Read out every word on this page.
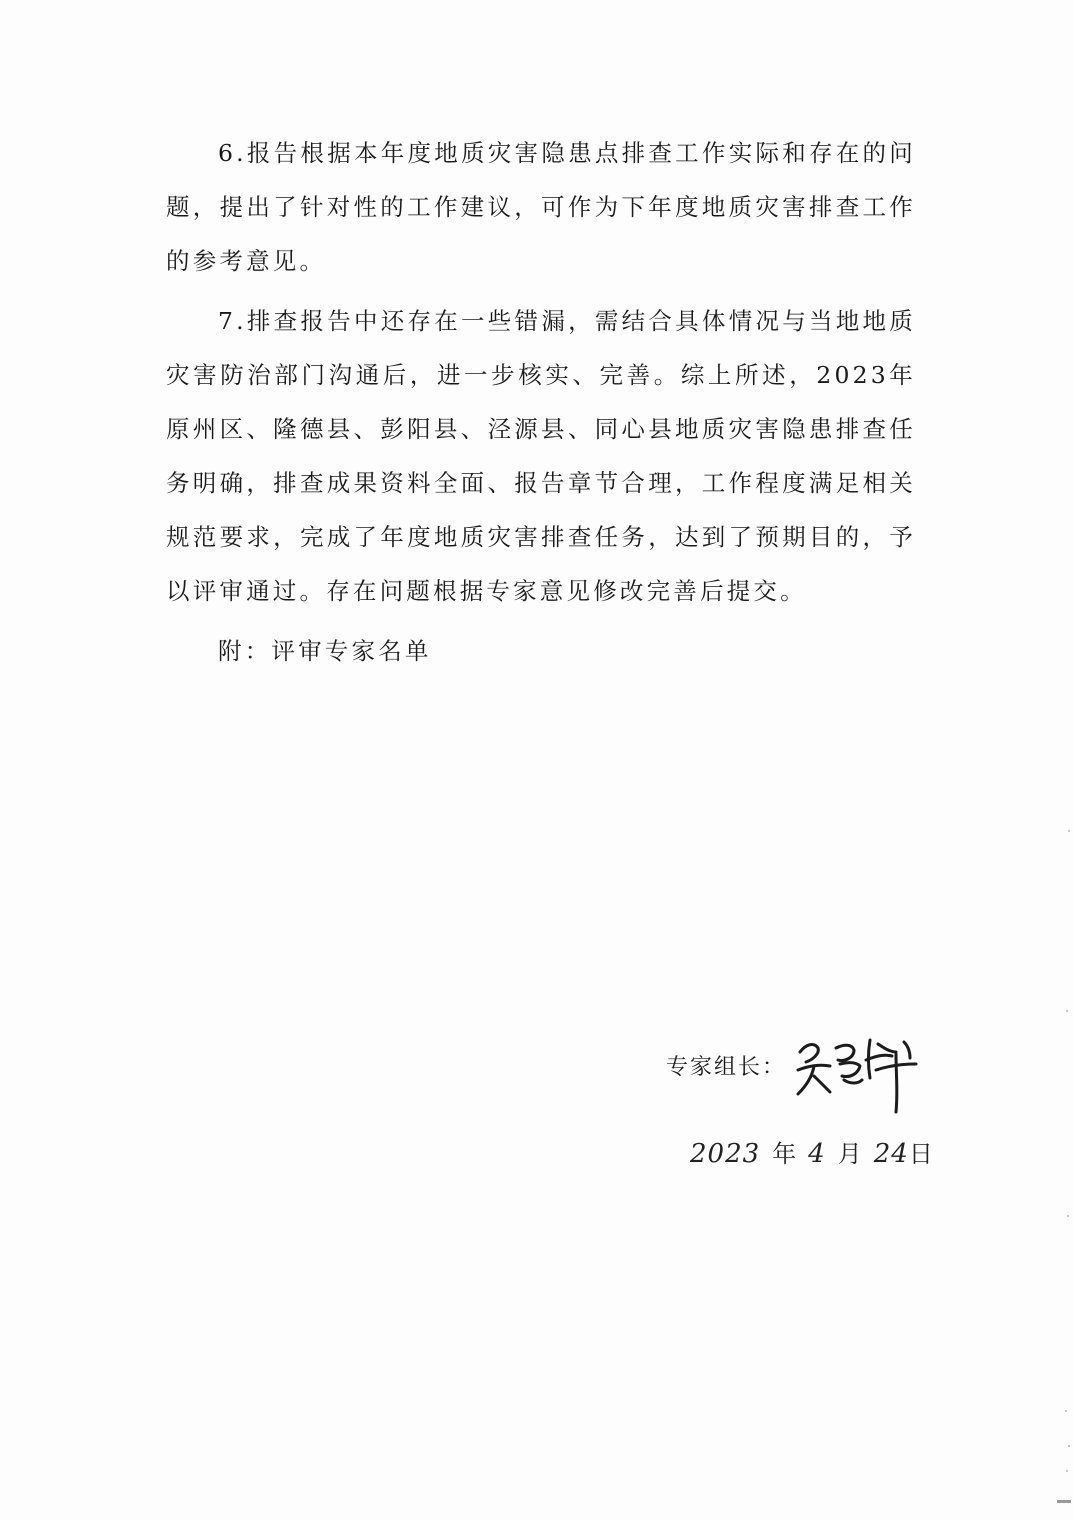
6.报告根据本年度地质灾害隐患点排查工作实际和存在的问题，提出了针对性的工作建议，可作为下年度地质灾害排查工作的参考意见。

7.排查报告中还存在一些错漏，需结合具体情况与当地地质灾害防治部门沟通后，进一步核实、完善。综上所述，2023年原州区、隆德县、彭阳县、泾源县、同心县地质灾害隐患排查任务明确，排查成果资料全面、报告章节合理，工作程度满足相关规范要求，完成了年度地质灾害排查任务，达到了预期目的，予以评审通过。存在问题根据专家意见修改完善后提交。

附：评审专家名单

专家组长：
2023 年 4 月 24日
